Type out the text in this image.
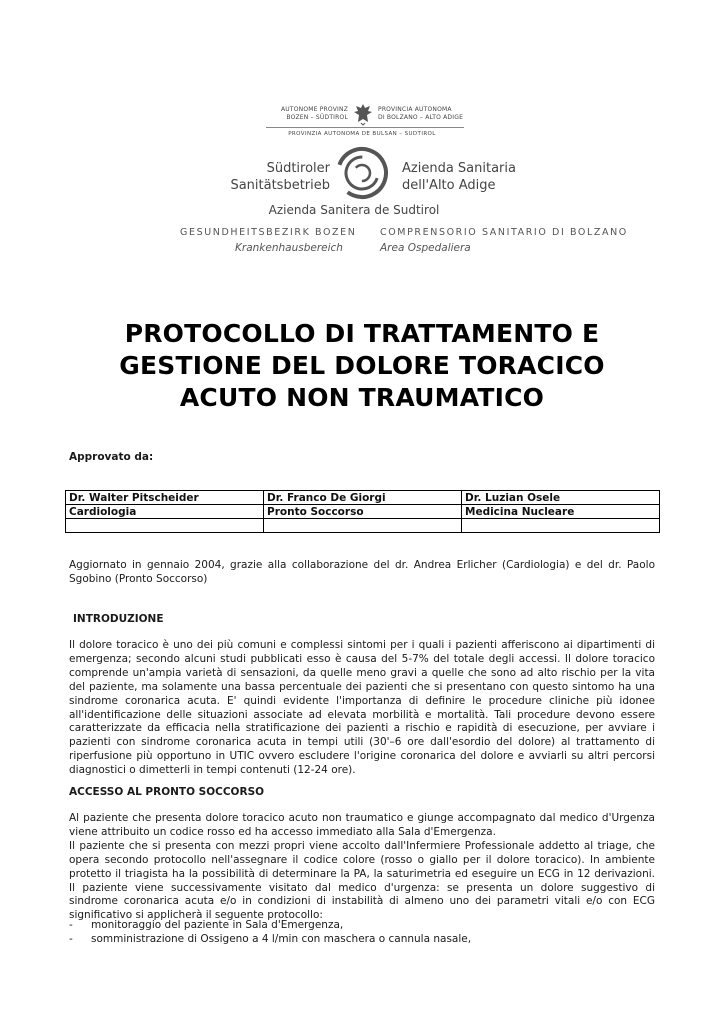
AUTONOME PROVINZ
BOZEN – SÜDTIROL
PROVINCIA AUTONOMA
DI BOLZANO – ALTO ADIGE
PROVINZIA AUTONOMA DE BULSAN – SUDTIROL
Südtiroler
Sanitätsbetrieb
Azienda Sanitaria
dell'Alto Adige
Azienda Sanitera de Sudtirol
GESUNDHEITSBEZIRK BOZEN COMPRENSORIO SANITARIO DI BOLZANO
Krankenhausbereich	Area Ospedaliera
PROTOCOLLO DI TRATTAMENTO E
GESTIONE DEL DOLORE TORACICO
ACUTO NON TRAUMATICO
Approvato da:
Dr. Walter Pitscheider	Dr. Franco De Giorgi	Dr. Luzian Osele
Cardiologia	Pronto Soccorso	Medicina Nucleare

Aggiornato in gennaio 2004, grazie alla collaborazione del dr. Andrea Erlicher (Cardiologia) e del dr. Paolo Sgobino (Pronto Soccorso)
INTRODUZIONE
Il dolore toracico è uno dei più comuni e complessi sintomi per i quali i pazienti afferiscono ai dipartimenti di emergenza; secondo alcuni studi pubblicati esso è causa del 5-7% del totale degli accessi. Il dolore toracico comprende un'ampia varietà di sensazioni, da quelle meno gravi a quelle che sono ad alto rischio per la vita del paziente, ma solamente una bassa percentuale dei pazienti che si presentano con questo sintomo ha una sindrome coronarica acuta. E' quindi evidente l'importanza di definire le procedure cliniche più idonee all'identificazione delle situazioni associate ad elevata morbilità e mortalità. Tali procedure devono essere caratterizzate da efficacia nella stratificazione dei pazienti a rischio e rapidità di esecuzione, per avviare i pazienti con sindrome coronarica acuta in tempi utili (30'–6 ore dall'esordio del dolore) al trattamento di riperfusione più opportuno in UTIC ovvero escludere l'origine coronarica del dolore e avviarli su altri percorsi diagnostici o dimetterli in tempi contenuti (12-24 ore).
ACCESSO AL PRONTO SOCCORSO
Al paziente che presenta dolore toracico acuto non traumatico e giunge accompagnato dal medico d'Urgenza viene attribuito un codice rosso ed ha accesso immediato alla Sala d'Emergenza.
Il paziente che si presenta con mezzi propri viene accolto dall'Infermiere Professionale addetto al triage, che opera secondo protocollo nell'assegnare il codice colore (rosso o giallo per il dolore toracico). In ambiente protetto il triagista ha la possibilità di determinare la PA, la saturimetria ed eseguire un ECG in 12 derivazioni. Il paziente viene successivamente visitato dal medico d'urgenza: se presenta un dolore suggestivo di sindrome coronarica acuta e/o in condizioni di instabilità di almeno uno dei parametri vitali e/o con ECG significativo si applicherà il seguente protocollo:
- monitoraggio del paziente in Sala d'Emergenza,
- somministrazione di Ossigeno a 4 l/min con maschera o cannula nasale,
